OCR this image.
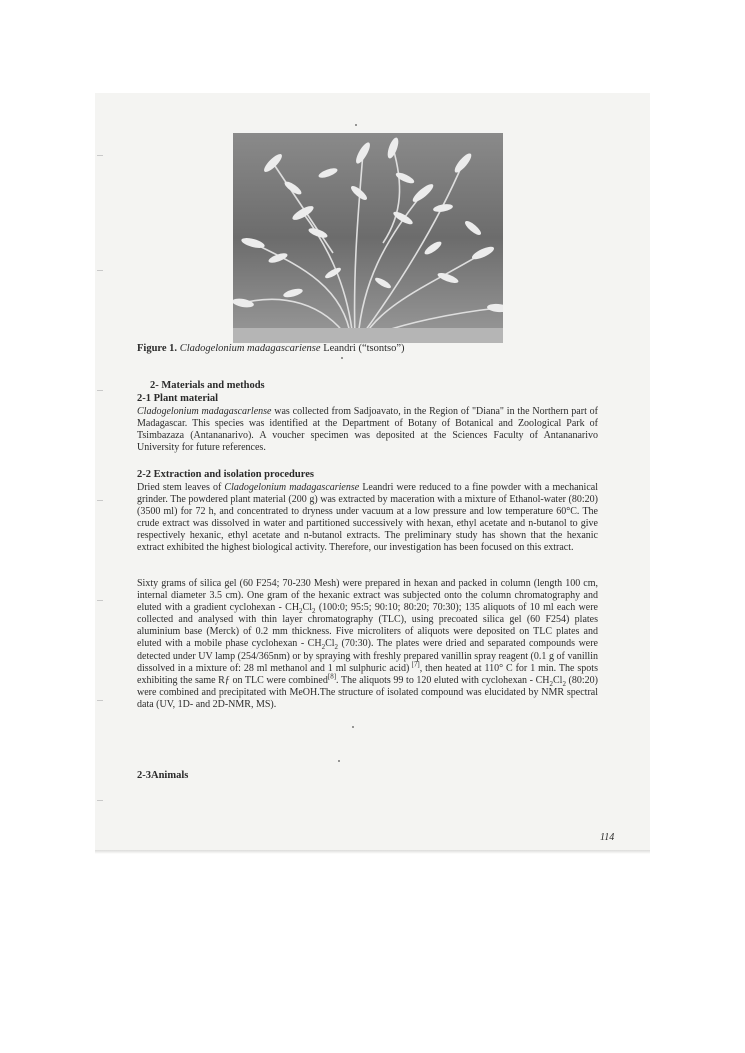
Figure 1. Cladogelonium madagascariense Leandri (“tsontso”)
2- Materials and methods
2-1 Plant material
Cladogelonium madagascarlense was collected from Sadjoavato, in the Region of "Diana" in the Northern part of Madagascar. This species was identified at the Department of Botany of Botanical and Zoological Park of Tsimbazaza (Antananarivo). A voucher specimen was deposited at the Sciences Faculty of Antananarivo University for future references.
2-2 Extraction and isolation procedures
Dried stem leaves of Cladogelonium madagascariense Leandri were reduced to a fine powder with a mechanical grinder. The powdered plant material (200 g) was extracted by maceration with a mixture of Ethanol-water (80:20) (3500 ml) for 72 h, and concentrated to dryness under vacuum at a low pressure and low temperature 60°C. The crude extract was dissolved in water and partitioned successively with hexan, ethyl acetate and n-butanol to give respectively hexanic, ethyl acetate and n-butanol extracts. The preliminary study has shown that the hexanic extract exhibited the highest biological activity. Therefore, our investigation has been focused on this extract.
Sixty grams of silica gel (60 F254; 70-230 Mesh) were prepared in hexan and packed in column (length 100 cm, internal diameter 3.5 cm). One gram of the hexanic extract was subjected onto the column chromatography and eluted with a gradient cyclohexan - $CH_2Cl_2$ (100:0; 95:5; 90:10; 80:20; 70:30); 135 aliquots of 10 ml each were collected and analysed with thin layer chromatography (TLC), using precoated silica gel (60 F254) plates aluminium base (Merck) of 0.2 mm thickness. Five microliters of aliquots were deposited on TLC plates and eluted with a mobile phase cyclohexan - $CH_2Cl_2$ (70:30). The plates were dried and separated compounds were detected under UV lamp (254/365nm) or by spraying with freshly prepared vanillin spray reagent (0.1 g of vanillin dissolved in a mixture of: 28 ml methanol and 1 ml sulphuric acid) [7], then heated at 110° C for 1 min. The spots exhibiting the same Rƒ on TLC were combined[8]. The aliquots 99 to 120 eluted with cyclohexan - $CH_2Cl_2$ (80:20) were combined and precipitated with MeOH.The structure of isolated compound was elucidated by NMR spectral data (UV, 1D- and 2D-NMR, MS).
2-3Animals
114
